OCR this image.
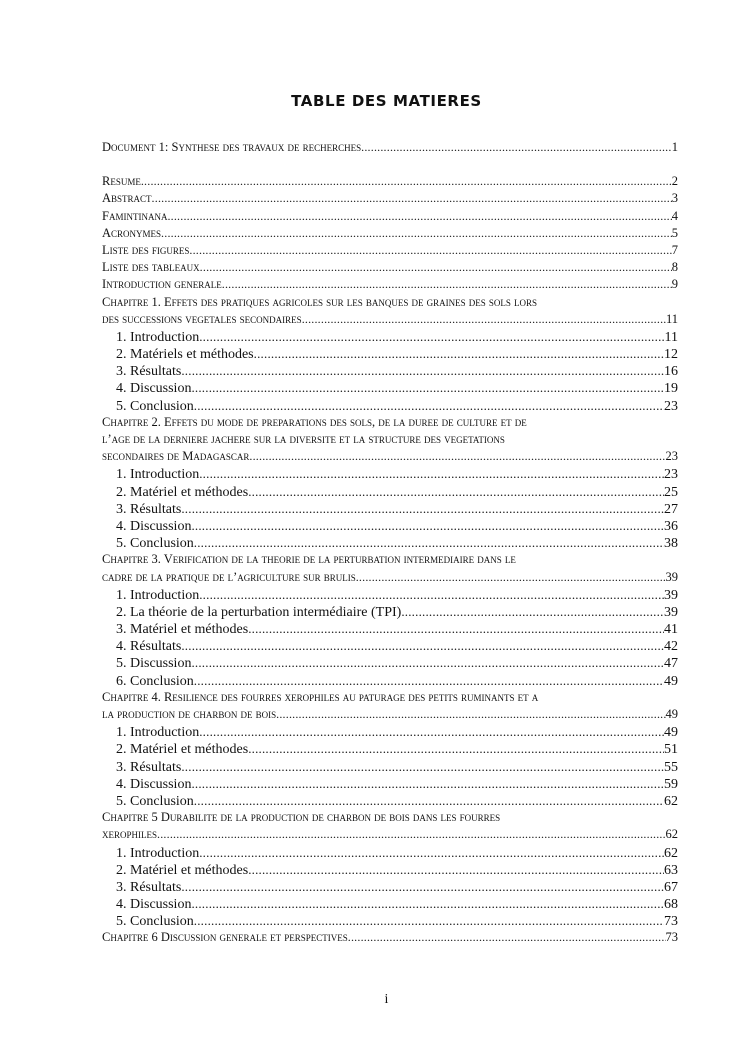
TABLE DES MATIERES
Document 1: Synthese des travaux de recherches .....	1
Resume .....	2
Abstract .....	3
Famintinana .....	4
Acronymes .....	5
Liste des figures .....	7
Liste des tableaux .....	8
Introduction generale .....	9
Chapitre 1. Effets des pratiques agricoles sur les banques de graines des sols lors
des successions vegetales secondaires .....	11
1. Introduction .....	11
2. Matériels et méthodes .....	12
3. Résultats .....	16
4. Discussion .....	19
5. Conclusion .....	23
Chapitre 2. Effets du mode de preparations des sols, de la duree de culture et de
l’age de la derniere jachere sur la diversite et la structure des vegetations
secondaires de Madagascar .....	23
1. Introduction .....	23
2. Matériel et méthodes .....	25
3. Résultats .....	27
4. Discussion .....	36
5. Conclusion .....	38
Chapitre 3. Verification de la theorie de la perturbation intermediaire dans le
cadre de la pratique de l’agriculture sur brulis .....	39
1. Introduction .....	39
2. La théorie de la perturbation intermédiaire (TPI) .....	39
3. Matériel et méthodes .....	41
4. Résultats .....	42
5. Discussion .....	47
6. Conclusion .....	49
Chapitre 4. Resilience des fourres xerophiles au paturage des petits ruminants et a
la production de charbon de bois .....	49
1. Introduction .....	49
2. Matériel et méthodes .....	51
3. Résultats .....	55
4. Discussion .....	59
5. Conclusion .....	62
Chapitre 5 Durabilite de la production de charbon de bois dans les fourres
xerophiles .....	62
1. Introduction .....	62
2. Matériel et méthodes .....	63
3. Résultats .....	67
4. Discussion .....	68
5. Conclusion .....	73
Chapitre 6 Discussion generale et perspectives .....	73
i
